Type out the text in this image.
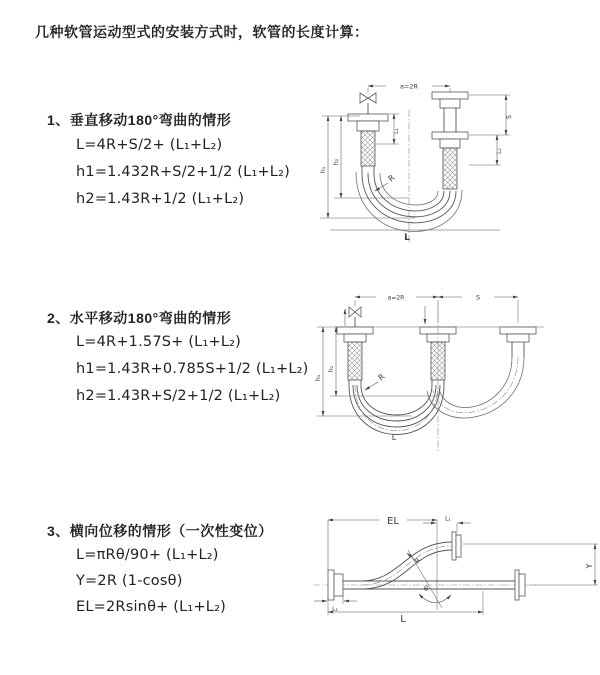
几种软管运动型式的安装方式时，软管的长度计算：
1、垂直移动180°弯曲的情形
L=4R+S/2+ (L₁+L₂)
h1=1.432R+S/2+1/2 (L₁+L₂)
h2=1.43R+1/2 (L₁+L₂)
2、水平移动180°弯曲的情形
L=4R+1.57S+ (L₁+L₂)
h1=1.43R+0.785S+1/2 (L₁+L₂)
h2=1.43R+S/2+1/2 (L₁+L₂)
3、横向位移的情形（一次性变位）
L=πRθ/90+ (L₁+L₂)
Y=2R (1-cosθ)
EL=2Rsinθ+ (L₁+L₂)
a=2R
L₁
S
L₂
R
h₁
h₂
L
a=2R	S
h₁
h₂
R
L
EL	L₁
Y
θ
R
L
L₁
